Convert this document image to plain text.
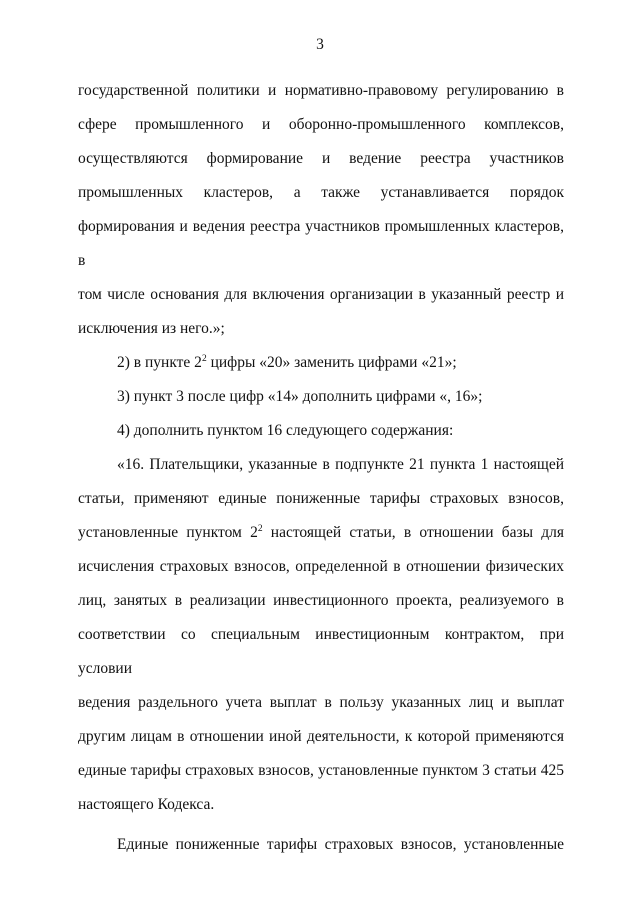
3

государственной политики и нормативно-правовому регулированию в

сфере промышленного и оборонно-промышленного комплексов,

осуществляются формирование и ведение реестра участников

промышленных кластеров, а также устанавливается порядок

формирования и ведения реестра участников промышленных кластеров, в

том числе основания для включения организации в указанный реестр и

исключения из него.»;

2) в пункте $2^2$ цифры «20» заменить цифрами «21»;

3) пункт 3 после цифр «14» дополнить цифрами «, 16»;

4) дополнить пунктом 16 следующего содержания:

«16. Плательщики, указанные в подпункте 21 пункта 1 настоящей

статьи, применяют единые пониженные тарифы страховых взносов,

установленные пунктом $2^2$ настоящей статьи, в отношении базы для

исчисления страховых взносов, определенной в отношении физических

лиц, занятых в реализации инвестиционного проекта, реализуемого в

соответствии со специальным инвестиционным контрактом, при условии

ведения раздельного учета выплат в пользу указанных лиц и выплат

другим лицам в отношении иной деятельности, к которой применяются

единые тарифы страховых взносов, установленные пунктом 3 статьи 425

настоящего Кодекса.

Единые пониженные тарифы страховых взносов, установленные
